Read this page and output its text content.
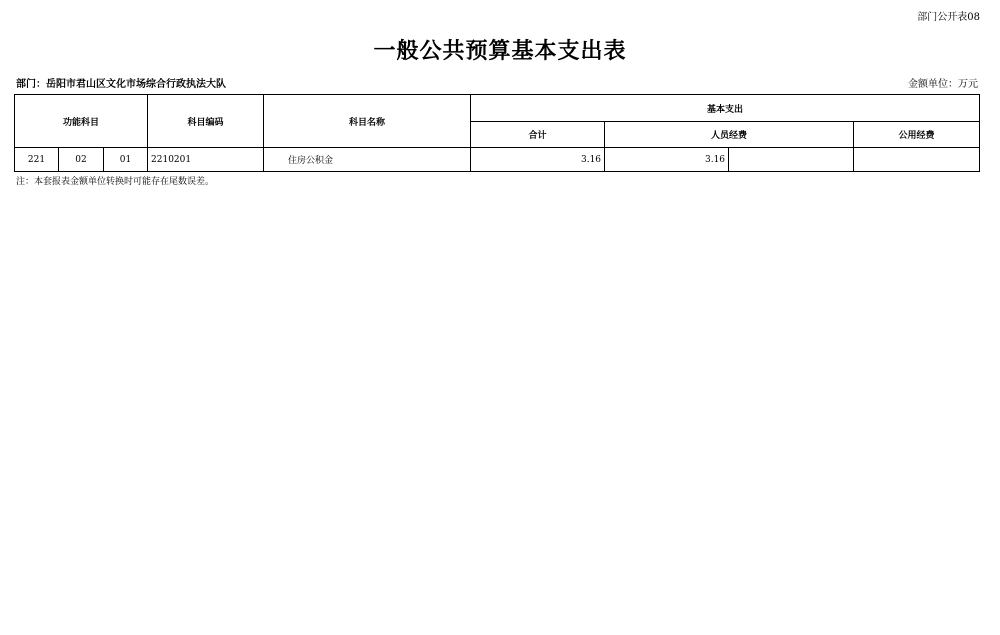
部门公开表08
一般公共预算基本支出表
部门：岳阳市君山区文化市场综合行政执法大队	金额单位：万元
功能科目			科目编码	科目名称	基本支出			
					合计	人员经费		公用经费
221	02	01	2210201	住房公积金	3.16	3.16		
注：本套报表金额单位转换时可能存在尾数误差。
